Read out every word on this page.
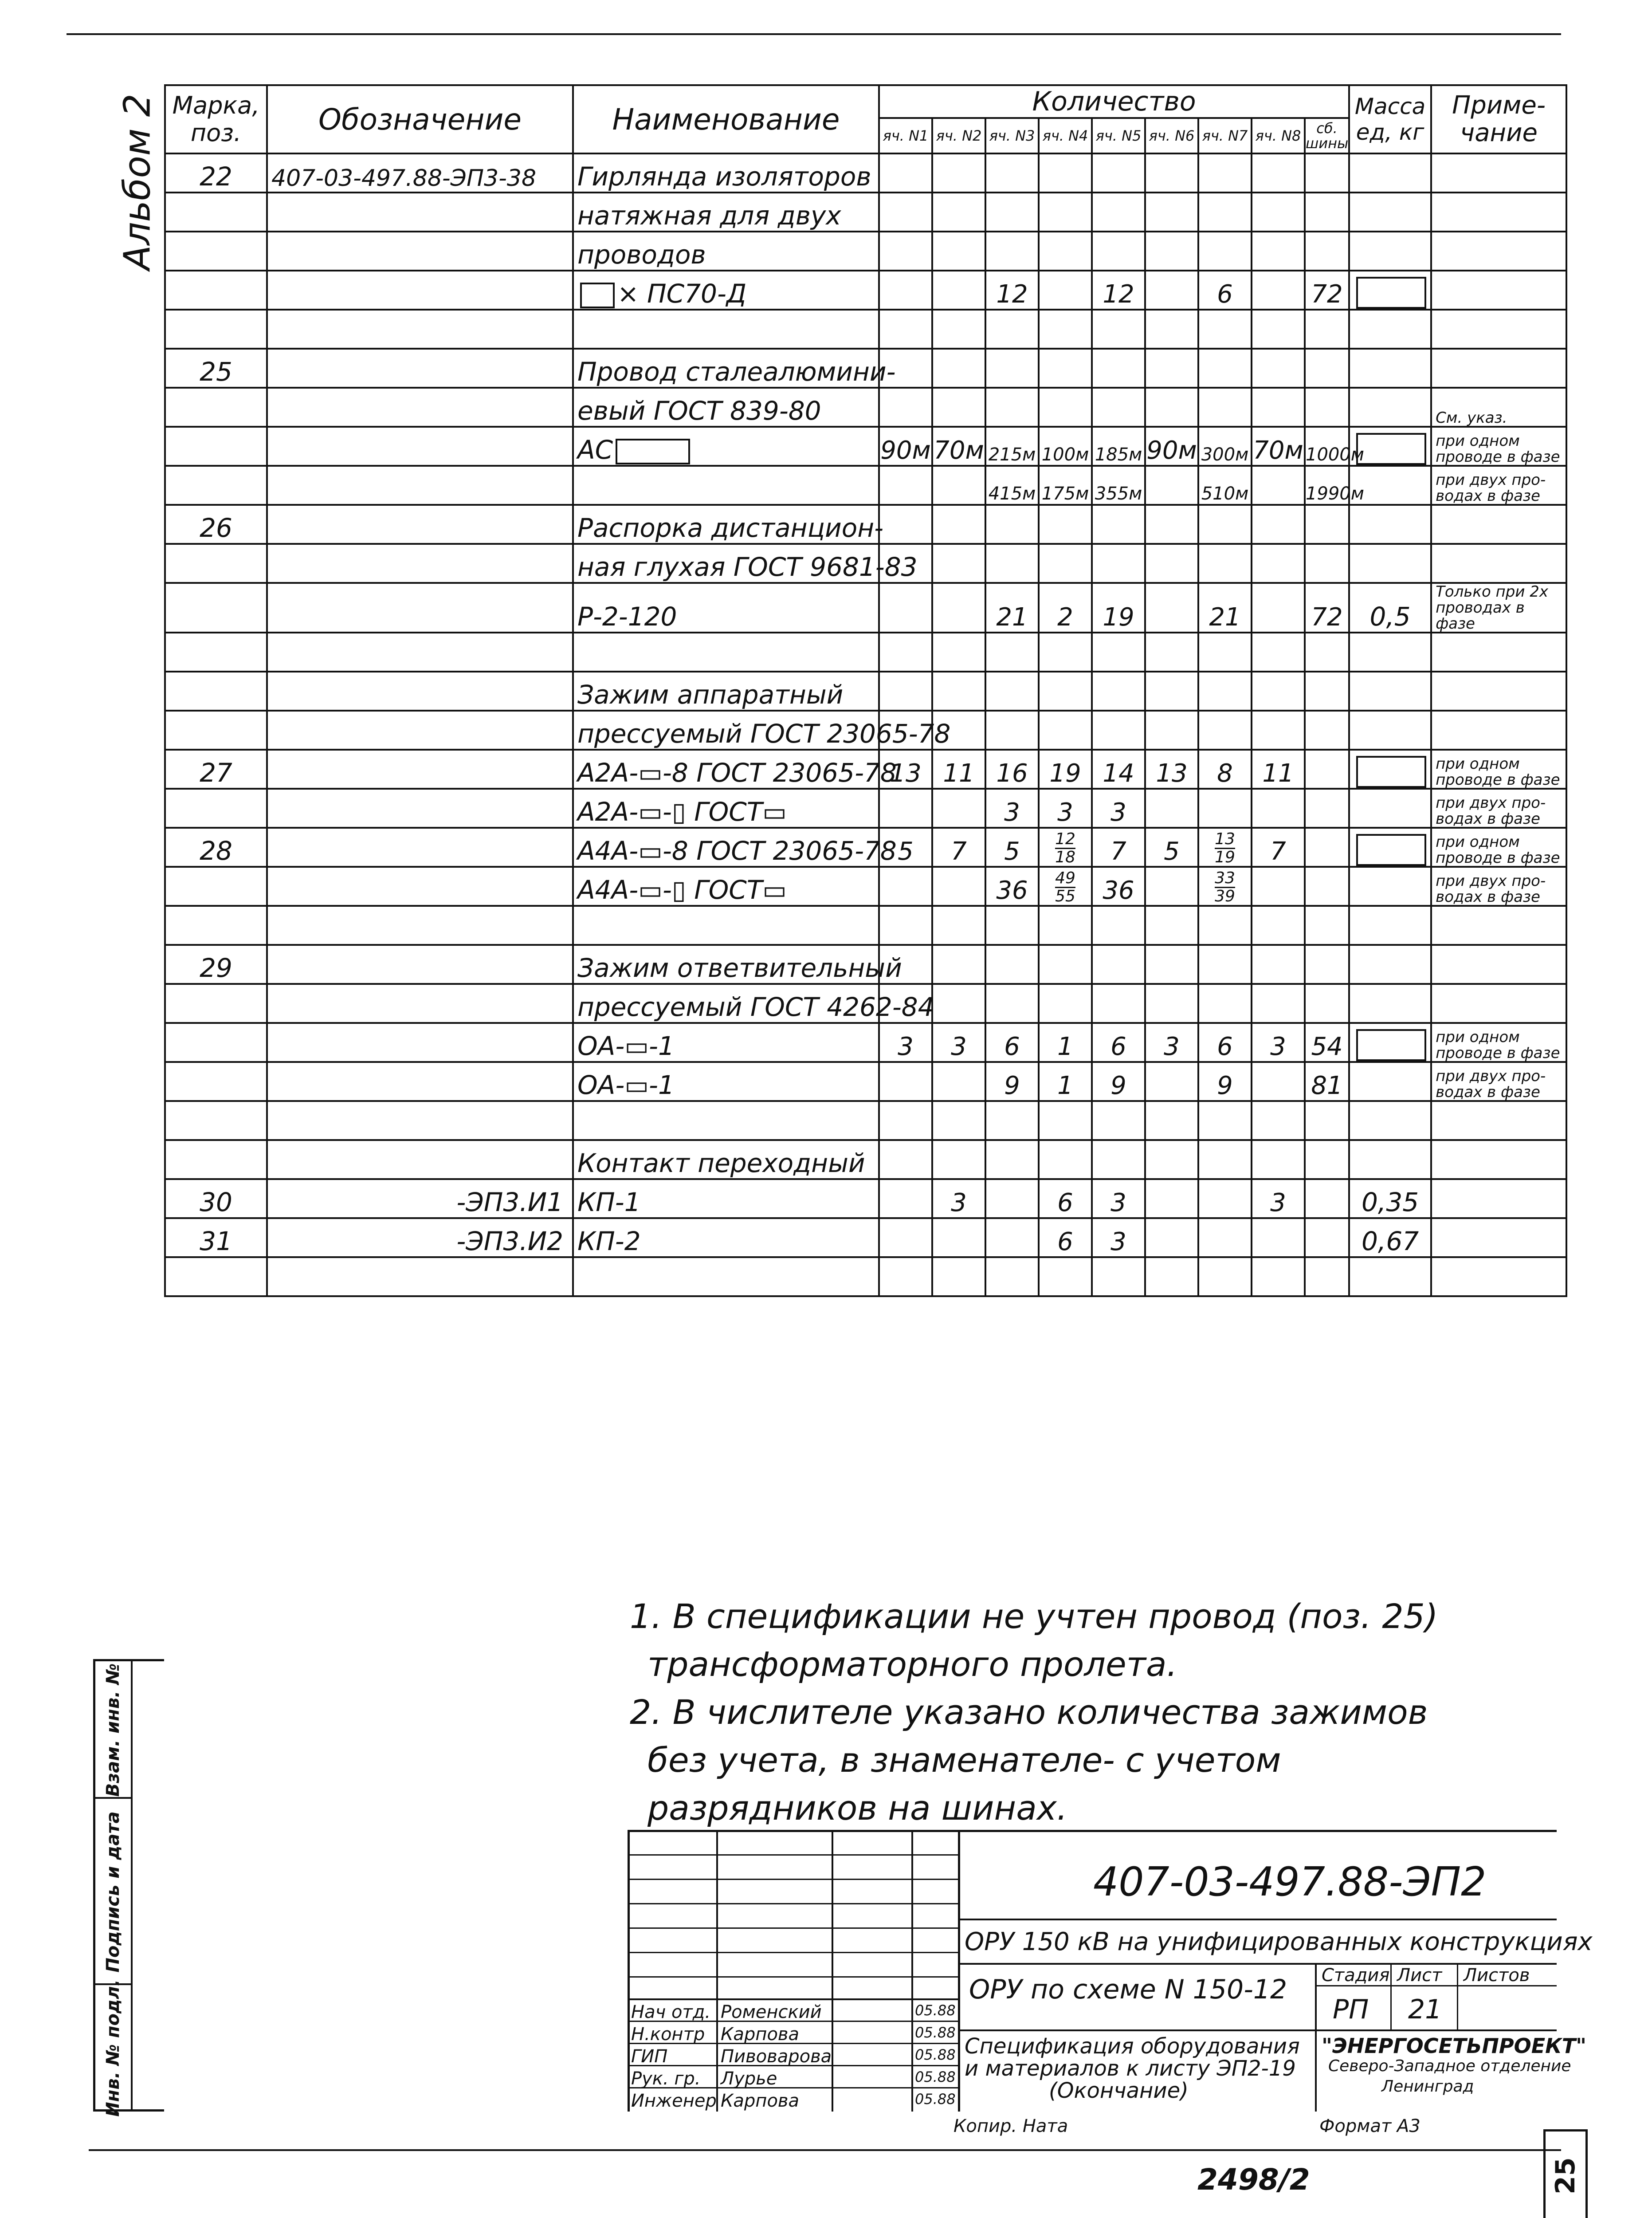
Альбом 2 Марка, поз.	Обозначение	Наименование	Количество									Масса ед, кг	Приме-чание
			яч. N1	яч. N2	яч. N3	яч. N4	яч. N5	яч. N6	яч. N7	яч. N8	сб. шины		
22	407-03-497.88-ЭП3-38	Гирлянда изоляторов											
		натяжная для двух											
		проводов											
		× ПС70-Д			12		12		6		72		

25		Провод сталеалюмини-											
		евый ГОСТ 839-80											См. указ.
		АС	90м	70м	215м	100м	185м	90м	300м	70м	1000м		при одном проводе в фазе
					415м	175м	355м		510м		1990м		при двух про-водах в фазе
26		Распорка дистанцион-											
		ная глухая ГОСТ 9681-83											
		Р-2-120			21	2	19		21		72	0,5	Только при 2х проводах в фазе

		Зажим аппаратный											
		прессуемый ГОСТ 23065-78											
27		А2А-▭-8 ГОСТ 23065-78	13	11	16	19	14	13	8	11			при одном проводе в фазе
		А2А-▭-▯ ГОСТ▭			3	3	3						при двух про-водах в фазе
28		А4А-▭-8 ГОСТ 23065-78	5	7	5	$\frac{12}{18}$	7	5	$\frac{13}{19}$	7			при одном проводе в фазе
		А4А-▭-▯ ГОСТ▭			36	$\frac{49}{55}$	36		$\frac{33}{39}$				при двух про-водах в фазе

29		Зажим ответвительный											
		прессуемый ГОСТ 4262-84											
		ОА-▭-1	3	3	6	1	6	3	6	3	54		при одном проводе в фазе
		ОА-▭-1			9	1	9		9		81		при двух про-водах в фазе

		Контакт переходный											
30	-ЭП3.И1	КП-1		3		6	3			3		0,35	
31	-ЭП3.И2	КП-2				6	3					0,67	

1. В спецификации не учтен провод (поз. 25)
трансформаторного пролета.
2. В числителе указано количества зажимов
без учета, в знаменателе- с учетом
разрядников на шинах.
Взам. инв. №
Подпись и дата
Инв. № подл.
407-03-497.88-ЭП2
ОРУ 150 кВ на унифицированных конструкциях
ОРУ по схеме N 150-12 Стадия Лист Листов
РП 21
Спецификация оборудования
и материалов к листу ЭП2-19
(Окончание)
"ЭНЕРГОСЕТЬПРОЕКТ"
Северо-Западное отделение
Ленинград
Нач отд. Роменский	05.88
Н.контр Карпова	05.88
ГИП	Пивоварова	05.88
Рук. гр. Лурье	05.88
Инженер Карпова	05.88
Копир. Ната	Формат А3
2498/2	25
